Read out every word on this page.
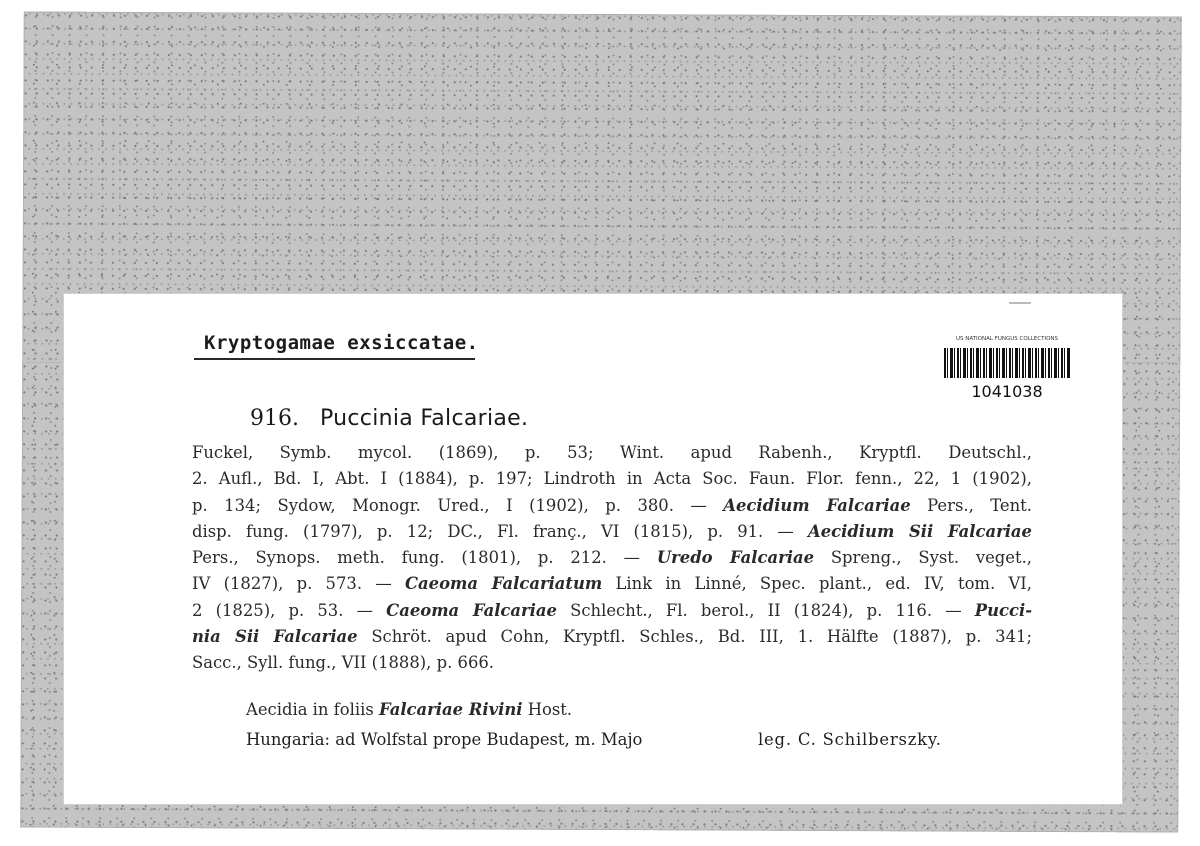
Kryptogamae exsiccatae.	US NATIONAL FUNGUS COLLECTIONS
1041038
916. Puccinia Falcariae.
Fuckel, Symb. mycol. (1869), p. 53; Wint. apud Rabenh., Kryptfl. Deutschl.,
2. Aufl., Bd. I, Abt. I (1884), p. 197; Lindroth in Acta Soc. Faun. Flor. fenn., 22, 1 (1902),
p. 134; Sydow, Monogr. Ured., I (1902), p. 380. — Aecidium Falcariae Pers., Tent.
disp. fung. (1797), p. 12; DC., Fl. franç., VI (1815), p. 91. — Aecidium Sii Falcariae
Pers., Synops. meth. fung. (1801), p. 212. — Uredo Falcariae Spreng., Syst. veget.,
IV (1827), p. 573. — Caeoma Falcariatum Link in Linné, Spec. plant., ed. IV, tom. VI,
2 (1825), p. 53. — Caeoma Falcariae Schlecht., Fl. berol., II (1824), p. 116. — Pucci-
nia Sii Falcariae Schröt. apud Cohn, Kryptfl. Schles., Bd. III, 1. Hälfte (1887), p. 341;
Sacc., Syll. fung., VII (1888), p. 666.
Aecidia in foliis Falcariae Rivini Host.
Hungaria: ad Wolfstal prope Budapest, m. Majo	leg. C. Schilberszky.
